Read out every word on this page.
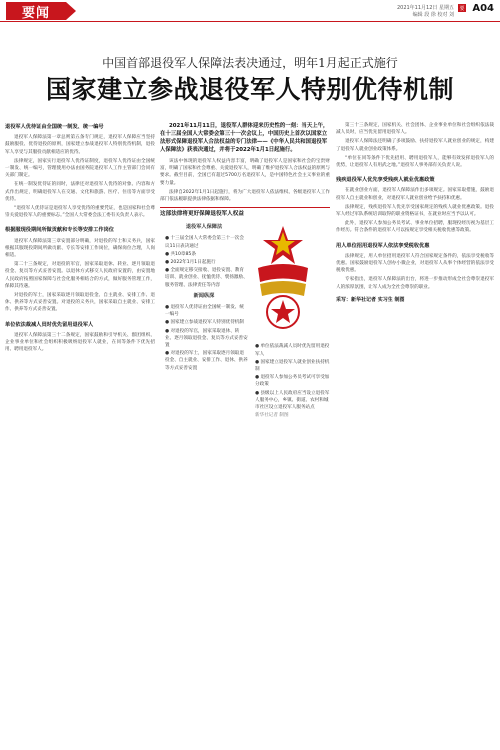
要闻	2021年11月12日 星期五
编辑 段 徐 校对 刘
要 A04
中国首部退役军人保障法表决通过，明年1月起正式施行
国家建立参战退役军人特别优待机制
退役军人优待证由全国统一制发、统一编号

退役军人保障法第一章总则第五条专门规定，退役军人保障应当坚持鼓励服役、优待退役的原则，国家建立参战退役军人特别优待机制，退役军人享受与其服役贡献相适应的优待。

法律规定，国家实行退役军人优待证制度，退役军人优待证由全国统一制发、统一编号，管理使用办法由国务院退役军人工作主管部门会同有关部门制定。

在统一制发优待证的同时，法律还对退役军人优待的对象、内容和方式作出规定，明确退役军人在交通、文化和旅游、医疗、住房等方面享受优待。

“退役军人优待证是退役军人享受优待的重要凭证，也是国家和社会尊崇关爱退役军人的重要标志。”全国人大常委会法工委有关负责人表示。

根据服现役期间所做贡献和专长等安排工作岗位

退役军人保障法第三章安置部分明确，对退役的军士和义务兵，国家根据其服现役期间所做贡献、专长等安排工作岗位，确保岗位合理，人岗相适。

第二十三条规定，对退役的军官，国家采取退休、转业、逐月领取退役金、复员等方式妥善安置。以退休方式移交人民政府安置的，由安置地人民政府按照国家保障与社会化服务相结合的方式，做好服务管理工作，保障其待遇。

对退役的军士，国家采取逐月领取退役金、自主就业、安排工作、退休、供养等方式妥善安置。对退役的义务兵，国家采取自主就业、安排工作、供养等方式妥善安置。

单位依法裁减人员时优先留用退役军人

退役军人保障法第三十二条规定，国家鼓励和引导机关、群团组织、企业事业单位和社会组织积极吸纳退役军人就业，在同等条件下优先招用、聘用退役军人。

2021年11月11日，退役军人群体迎来历史性的一刻：当天上午，在十三届全国人大常委会第三十一次会议上，中国历史上首次以国家立法形式保障退役军人合法权益的专门法律——《中华人民共和国退役军人保障法》获表决通过，并将于2022年1月1日起施行。

该法中体现的退役军人权益内容丰富，明确了退役军人是国家和社会的宝贵财富，明确了国家和社会尊重、关爱退役军人，明确了维护退役军人合法权益的原则与要求。截至目前，全国已有超过5700万名退役军人，是中国特色社会主义事业的重要力量。

法律自2022年1月1日起施行，将为广大退役军人依法维权、各级退役军人工作部门依法履职提供法律依据和保障。

这部法律将更好保障退役军人权益
退役军人保障法
● 十三届全国人大常委会第三十一次会议11日表决通过
● 共10章85条
● 2022年1月1日起施行
● 全面规定移交接收、退役安置、教育培训、就业创业、抚恤优待、褒扬激励、服务管理、法律责任等内容
新闻纵深
● 退役军人优待证由全国统一制发、统一编号
● 国家建立参战退役军人特别优待机制
● 对退役的军官，国家采取退休、转业、逐月领取退役金、复员等方式妥善安置
● 对退役的军士，国家采取逐月领取退役金、自主就业、安排工作、退休、供养等方式妥善安置
● 单位依法裁减人员时优先留用退役军人
● 国家建立退役军人就业创业扶持机制
● 退役军人参加公务员考试可享受加分政策
● 县级以上人民政府应当设立退役军人服务中心，乡镇、街道、农村和城市社区设立退役军人服务站点
新华社记者 制图

第三十三条规定，国家机关、社会团体、企业事业单位和社会组织依法裁减人员时，应当优先留用退役军人。

退役军人保障法还明确了多项鼓励、扶持退役军人就业创业的规定，构建了退役军人就业创业政策体系。

“单位在同等条件下优先招用、聘用退役军人，能够有效发挥退役军人的优势，让退役军人有用武之地。”退役军人事务部有关负责人说。

残疾退役军人优先享受残疾人就业优惠政策

在就业创业方面，退役军人保障法作出多项规定。国家采取措施，鼓励退役军人自主就业和创业，对退役军人就业创业给予扶持和优惠。

法律规定，残疾退役军人优先享受国家规定的残疾人就业优惠政策。退役军人经过军队系统培训取得的职业资格证书，在就业时应当予以认可。

此外，退役军人参加公务员考试、事业单位招聘，服现役经历视为基层工作经历。符合条件的退役军人可以按规定享受相关税收优惠等政策。

用人单位招用退役军人依法享受税收优惠

法律规定，用人单位招用退役军人符合国家规定条件的，依法享受税收等优惠。国家鼓励退役军人创办小微企业，对退役军人从事个体经营的依法享受税收优惠。

专家指出，退役军人保障法的出台，将进一步推动形成全社会尊崇退役军人的浓厚氛围，让军人成为全社会尊崇的职业。

采写：新华社记者 实习生 制图
